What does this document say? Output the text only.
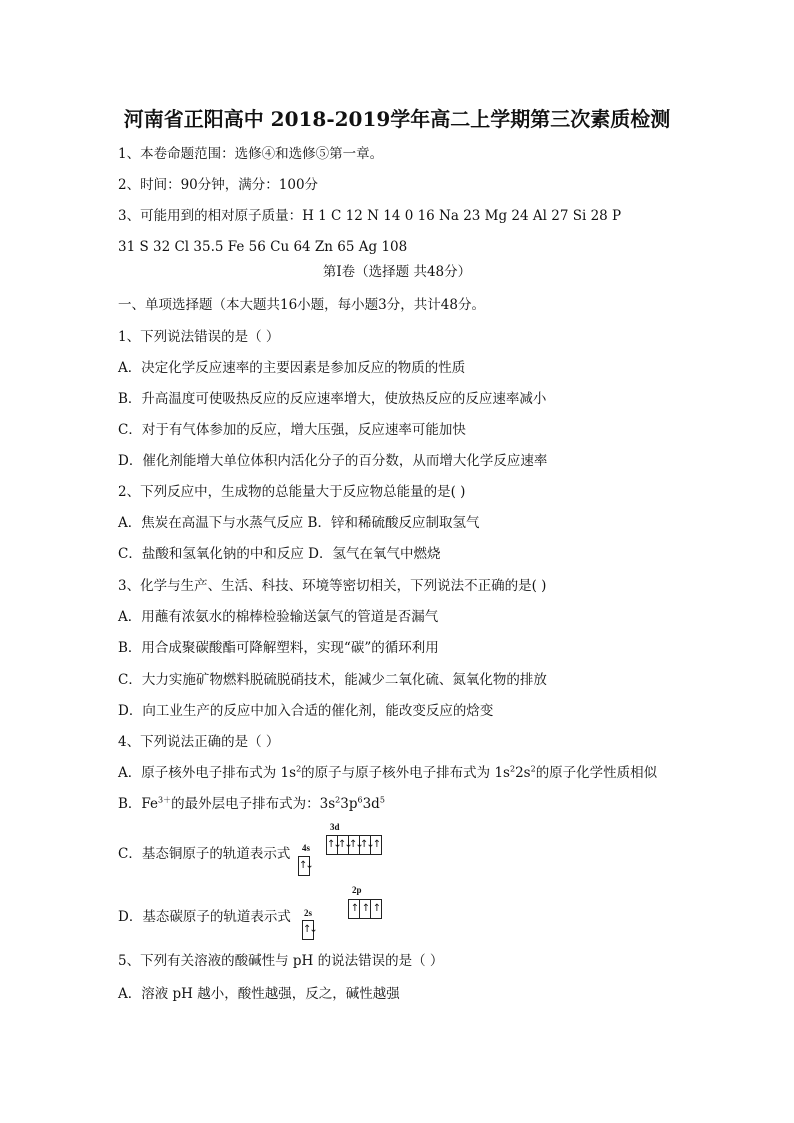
河南省正阳高中 2018-2019学年高二上学期第三次素质检测
1、本卷命题范围：选修④和选修⑤第一章。
2、时间：90分钟，满分：100分
3、可能用到的相对原子质量：H 1 C 12 N 14 0 16 Na 23 Mg 24 Al 27 Si 28 P
31 S 32 Cl 35.5 Fe 56 Cu 64 Zn 65 Ag 108
第Ⅰ卷（选择题 共48分）
一、单项选择题（本大题共16小题，每小题3分，共计48分。
1、下列说法错误的是（ ）
A．决定化学反应速率的主要因素是参加反应的物质的性质
B．升高温度可使吸热反应的反应速率增大，使放热反应的反应速率减小
C．对于有气体参加的反应，增大压强，反应速率可能加快
D．催化剂能增大单位体积内活化分子的百分数，从而增大化学反应速率
2、下列反应中，生成物的总能量大于反应物总能量的是( )
A．焦炭在高温下与水蒸气反应 B．锌和稀硫酸反应制取氢气
C．盐酸和氢氧化钠的中和反应 D．氢气在氧气中燃烧
3、化学与生产、生活、科技、环境等密切相关，下列说法不正确的是( )
A．用蘸有浓氨水的棉棒检验输送氯气的管道是否漏气
B．用合成聚碳酸酯可降解塑料，实现“碳”的循环利用
C．大力实施矿物燃料脱硫脱硝技术，能减少二氧化硫、氮氧化物的排放
D．向工业生产的反应中加入合适的催化剂，能改变反应的焓变
4、下列说法正确的是（ ）
A．原子核外电子排布式为 $1s^2$的原子与原子核外电子排布式为 $1s^22s^2$的原子化学性质相似
B．$Fe^{3+}$的最外层电子排布式为：$3s^23p^63d^5$
C．基态铜原子的轨道表示式 4s
3d
↑↓
↑↓
↑↓
↑↓
↑↓ ↑
D．基态碳原子的轨道表示式 2s
2p
↑↓
↑ ↑ ↑
5、下列有关溶液的酸碱性与 pH 的说法错误的是（ ）
A．溶液 pH 越小，酸性越强，反之，碱性越强
